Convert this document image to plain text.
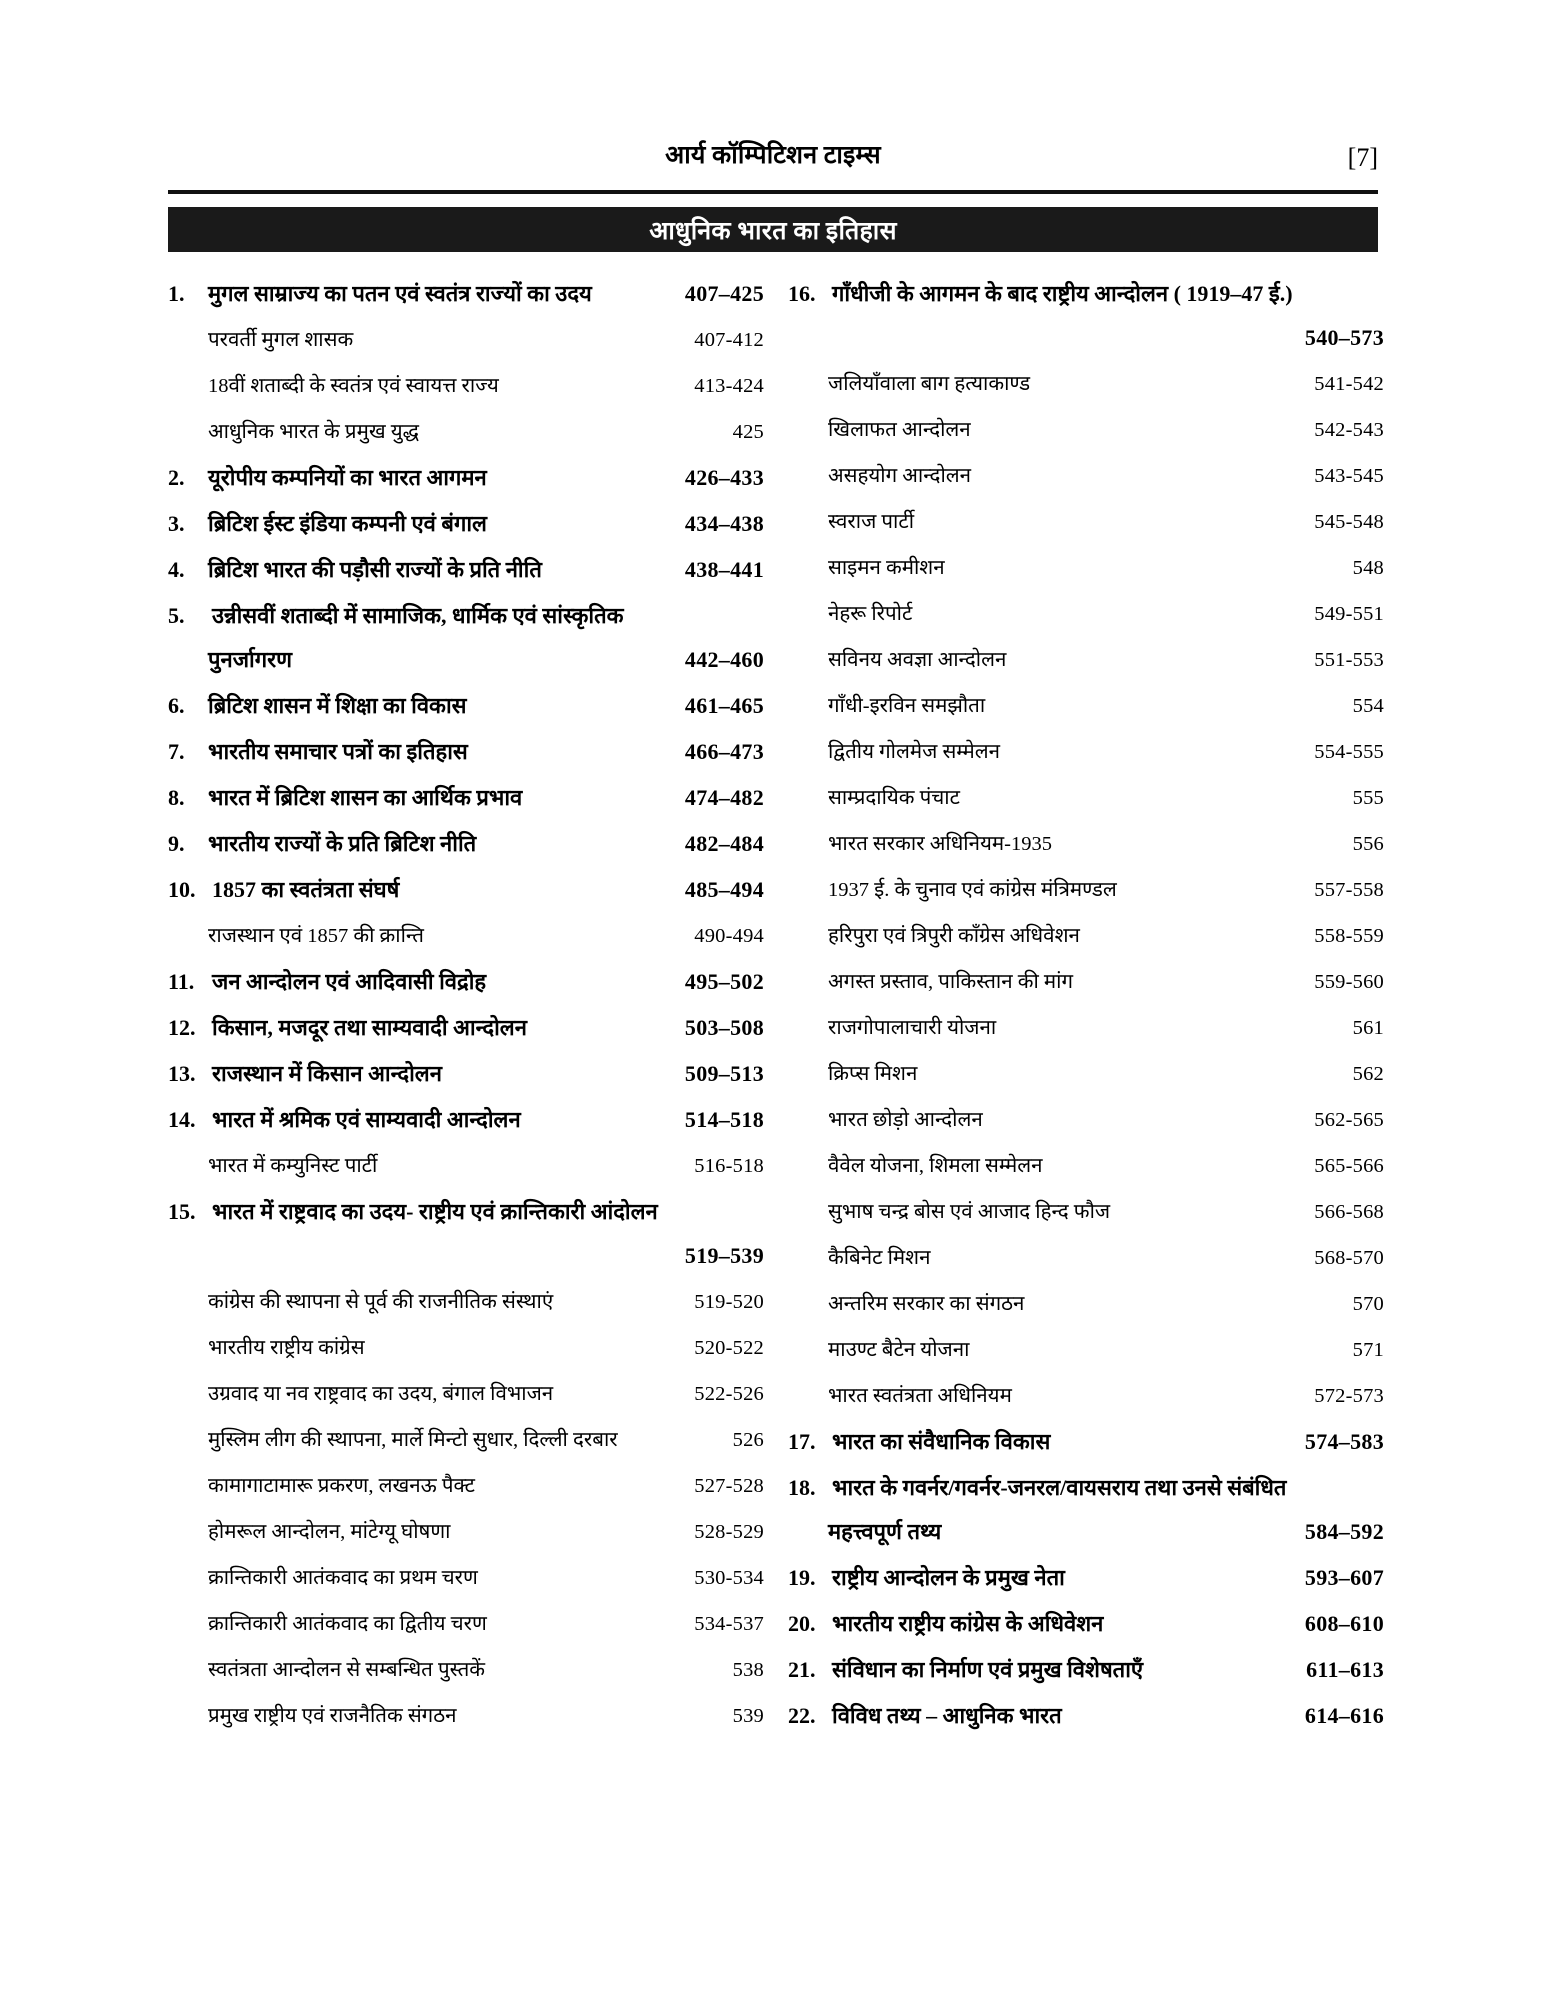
आर्य कॉम्पिटिशन टाइम्स	[7]
आधुनिक भारत का इतिहास
1.	मुगल साम्राज्य का पतन एवं स्वतंत्र राज्यों का उदय	407–425
परवर्ती मुगल शासक	407-412
18वीं शताब्दी के स्वतंत्र एवं स्वायत्त राज्य	413-424
आधुनिक भारत के प्रमुख युद्ध	425
2.	यूरोपीय कम्पनियों का भारत आगमन	426–433
3.	ब्रिटिश ईस्ट इंडिया कम्पनी एवं बंगाल	434–438
4.	ब्रिटिश भारत की पड़ौसी राज्यों के प्रति नीति	438–441
5.	उन्नीसवीं शताब्दी में सामाजिक, धार्मिक एवं सांस्कृतिक
पुनर्जागरण	442–460
6.	ब्रिटिश शासन में शिक्षा का विकास	461–465
7.	भारतीय समाचार पत्रों का इतिहास	466–473
8.	भारत में ब्रिटिश शासन का आर्थिक प्रभाव	474–482
9.	भारतीय राज्यों के प्रति ब्रिटिश नीति	482–484
10. 1857 का स्वतंत्रता संघर्ष	485–494
राजस्थान एवं 1857 की क्रान्ति	490-494
11. जन आन्दोलन एवं आदिवासी विद्रोह	495–502
12. किसान, मजदूर तथा साम्यवादी आन्दोलन	503–508
13. राजस्थान में किसान आन्दोलन	509–513
14. भारत में श्रमिक एवं साम्यवादी आन्दोलन	514–518
भारत में कम्युनिस्ट पार्टी	516-518
15. भारत में राष्ट्रवाद का उदय- राष्ट्रीय एवं क्रान्तिकारी आंदोलन
519–539
कांग्रेस की स्थापना से पूर्व की राजनीतिक संस्थाएं	519-520
भारतीय राष्ट्रीय कांग्रेस	520-522
उग्रवाद या नव राष्ट्रवाद का उदय, बंगाल विभाजन	522-526
मुस्लिम लीग की स्थापना, मार्ले मिन्टो सुधार, दिल्ली दरबार	526
कामागाटामारू प्रकरण, लखनऊ पैक्ट	527-528
होमरूल आन्दोलन, मांटेग्यू घोषणा	528-529
क्रान्तिकारी आतंकवाद का प्रथम चरण	530-534
क्रान्तिकारी आतंकवाद का द्वितीय चरण	534-537
स्वतंत्रता आन्दोलन से सम्बन्धित पुस्तकें	538
प्रमुख राष्ट्रीय एवं राजनैतिक संगठन	539
16. गाँधीजी के आगमन के बाद राष्ट्रीय आन्दोलन ( 1919–47 ई.)
540–573
जलियाँवाला बाग हत्याकाण्ड	541-542
खिलाफत आन्दोलन	542-543
असहयोग आन्दोलन	543-545
स्वराज पार्टी	545-548
साइमन कमीशन	548
नेहरू रिपोर्ट	549-551
सविनय अवज्ञा आन्दोलन	551-553
गाँधी-इरविन समझौता	554
द्वितीय गोलमेज सम्मेलन	554-555
साम्प्रदायिक पंचाट	555
भारत सरकार अधिनियम-1935	556
1937 ई. के चुनाव एवं कांग्रेस मंत्रिमण्डल	557-558
हरिपुरा एवं त्रिपुरी कॉंग्रेस अधिवेशन	558-559
अगस्त प्रस्ताव, पाकिस्तान की मांग	559-560
राजगोपालाचारी योजना	561
क्रिप्स मिशन	562
भारत छोड़ो आन्दोलन	562-565
वैवेल योजना, शिमला सम्मेलन	565-566
सुभाष चन्द्र बोस एवं आजाद हिन्द फौज	566-568
कैबिनेट मिशन	568-570
अन्तरिम सरकार का संगठन	570
माउण्ट बैटेन योजना	571
भारत स्वतंत्रता अधिनियम	572-573
17. भारत का संवैधानिक विकास	574–583
18. भारत के गवर्नर/गवर्नर-जनरल/वायसराय तथा उनसे संबंधित
महत्त्वपूर्ण तथ्य	584–592
19. राष्ट्रीय आन्दोलन के प्रमुख नेता	593–607
20. भारतीय राष्ट्रीय कांग्रेस के अधिवेशन	608–610
21. संविधान का निर्माण एवं प्रमुख विशेषताएँ	611–613
22. विविध तथ्य – आधुनिक भारत	614–616
